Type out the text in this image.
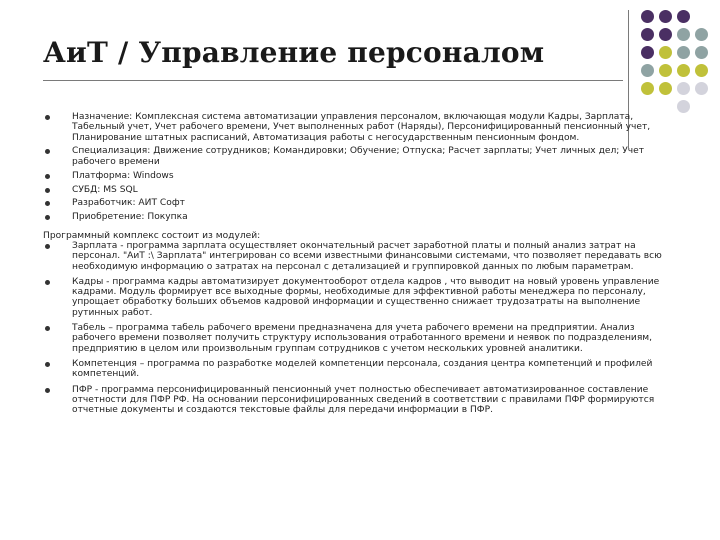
АиТ / Управление персоналом
Назначение: Комплексная система автоматизации управления персоналом, включающая модули Кадры, Зарплата, Табельный учет, Учет рабочего времени, Учет выполненных работ (Наряды), Персонифицированный пенсионный учет, Планирование штатных расписаний, Автоматизация работы с негосударственным пенсионным фондом.
Специализация: Движение сотрудников; Командировки; Обучение; Отпуска; Расчет зарплаты; Учет личных дел; Учет рабочего времени
Платформа: Windows
СУБД: MS SQL
Разработчик: АИТ Софт
Приобретение: Покупка
Программный комплекс состоит из модулей:
Зарплата - программа зарплата осуществляет окончательный расчет заработной платы и полный анализ затрат на персонал. "АиТ :\ Зарплата" интегрирован со всеми известными финансовыми системами, что позволяет передавать всю необходимую информацию о затратах на персонал с детализацией и группировкой данных по любым параметрам.
Кадры - программа кадры автоматизирует документооборот отдела кадров , что выводит на новый уровень управление кадрами. Модуль формирует все выходные формы, необходимые для эффективной работы менеджера по персоналу, упрощает обработку больших объемов кадровой информации и существенно снижает трудозатраты на выполнение рутинных работ.
Табель – программа табель рабочего времени предназначена для учета рабочего времени на предприятии. Анализ рабочего времени позволяет получить структуру использования отработанного времени и неявок по подразделениям, предприятию в целом или произвольным группам сотрудников с учетом нескольких уровней аналитики.
Компетенция – программа по разработке моделей компетенции персонала, создания центра компетенций и профилей компетенций.
ПФР - программа персонифицированный пенсионный учет полностью обеспечивает автоматизированное составление отчетности для ПФР РФ. На основании персонифицированных сведений в соответствии с правилами ПФР формируются отчетные документы и создаются текстовые файлы для передачи информации в ПФР.
